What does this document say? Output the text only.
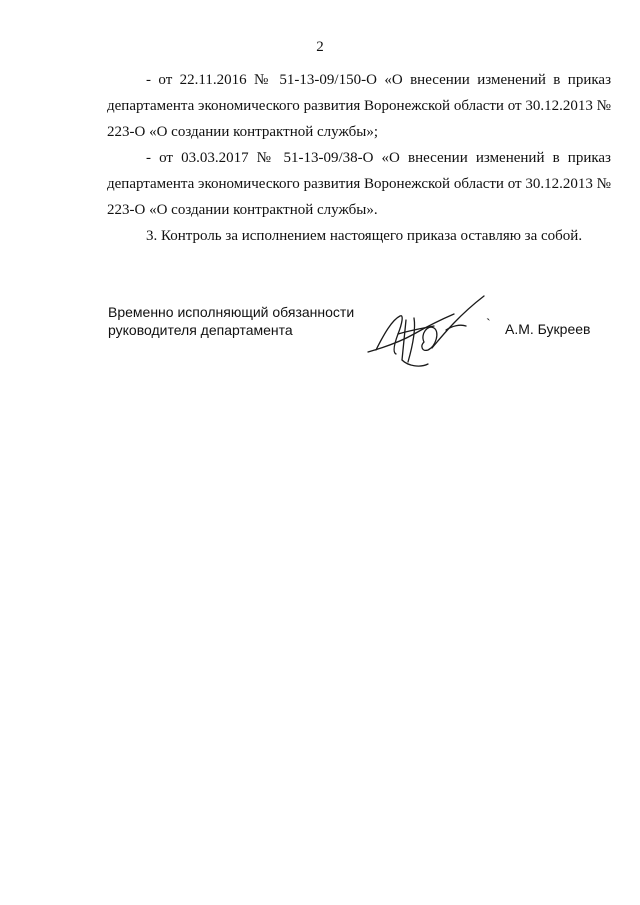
2

- от 22.11.2016 № 51-13-09/150-О «О внесении изменений в приказ

департамента экономического развития Воронежской области от 30.12.2013 № 223-О «О создании контрактной службы»;

- от 03.03.2017 № 51-13-09/38-О «О внесении изменений в приказ

департамента экономического развития Воронежской области от 30.12.2013 № 223-О «О создании контрактной службы».

3. Контроль за исполнением настоящего приказа оставляю за собой.

Временно исполняющий обязанности
руководителя департамента	` А.М. Букреев
